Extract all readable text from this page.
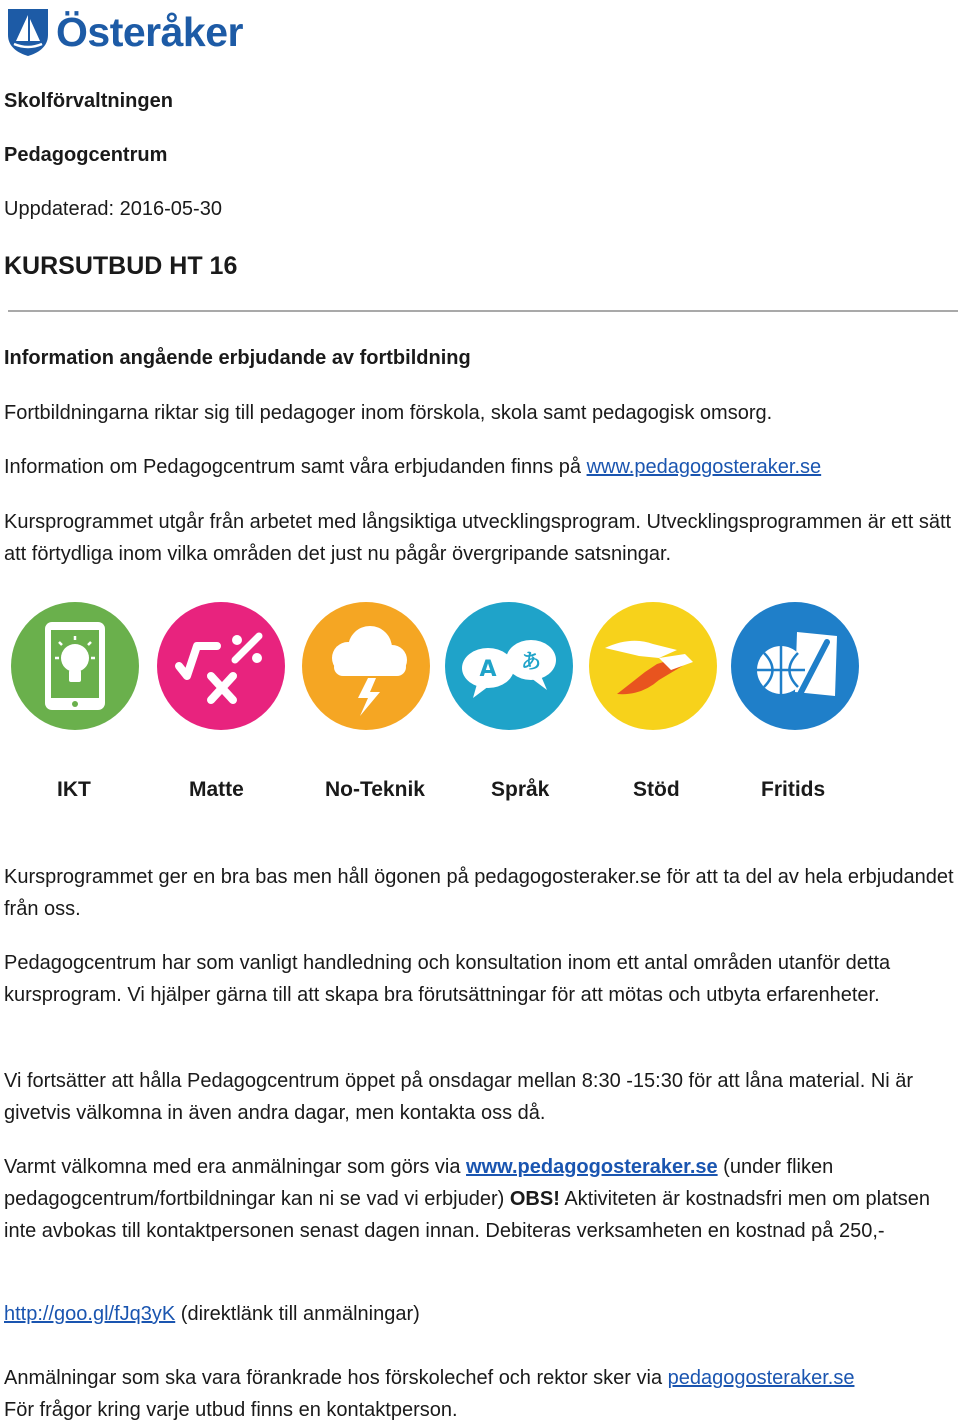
Österåker
Skolförvaltningen
Pedagogcentrum
Uppdaterad: 2016-05-30
KURSUTBUD HT 16
Information angående erbjudande av fortbildning
Fortbildningarna riktar sig till pedagoger inom förskola, skola samt pedagogisk omsorg.
Information om Pedagogcentrum samt våra erbjudanden finns på www.pedagogosteraker.se
Kursprogrammet utgår från arbetet med långsiktiga utvecklingsprogram. Utvecklingsprogrammen är ett sätt att förtydliga inom vilka områden det just nu pågår övergripande satsningar.
A あ
IKT	Matte	No-Teknik	Språk	Stöd	Fritids
Kursprogrammet ger en bra bas men håll ögonen på pedagogosteraker.se för att ta del av hela erbjudandet från oss.
Pedagogcentrum har som vanligt handledning och konsultation inom ett antal områden utanför detta kursprogram. Vi hjälper gärna till att skapa bra förutsättningar för att mötas och utbyta erfarenheter.
Vi fortsätter att hålla Pedagogcentrum öppet på onsdagar mellan 8:30 -15:30 för att låna material. Ni är givetvis välkomna in även andra dagar, men kontakta oss då.
Varmt välkomna med era anmälningar som görs via www.pedagogosteraker.se (under fliken pedagogcentrum/fortbildningar kan ni se vad vi erbjuder) OBS! Aktiviteten är kostnadsfri men om platsen inte avbokas till kontaktpersonen senast dagen innan. Debiteras verksamheten en kostnad på 250,-
http://goo.gl/fJq3yK (direktlänk till anmälningar)
Anmälningar som ska vara förankrade hos förskolechef och rektor sker via pedagogosteraker.se
För frågor kring varje utbud finns en kontaktperson.
